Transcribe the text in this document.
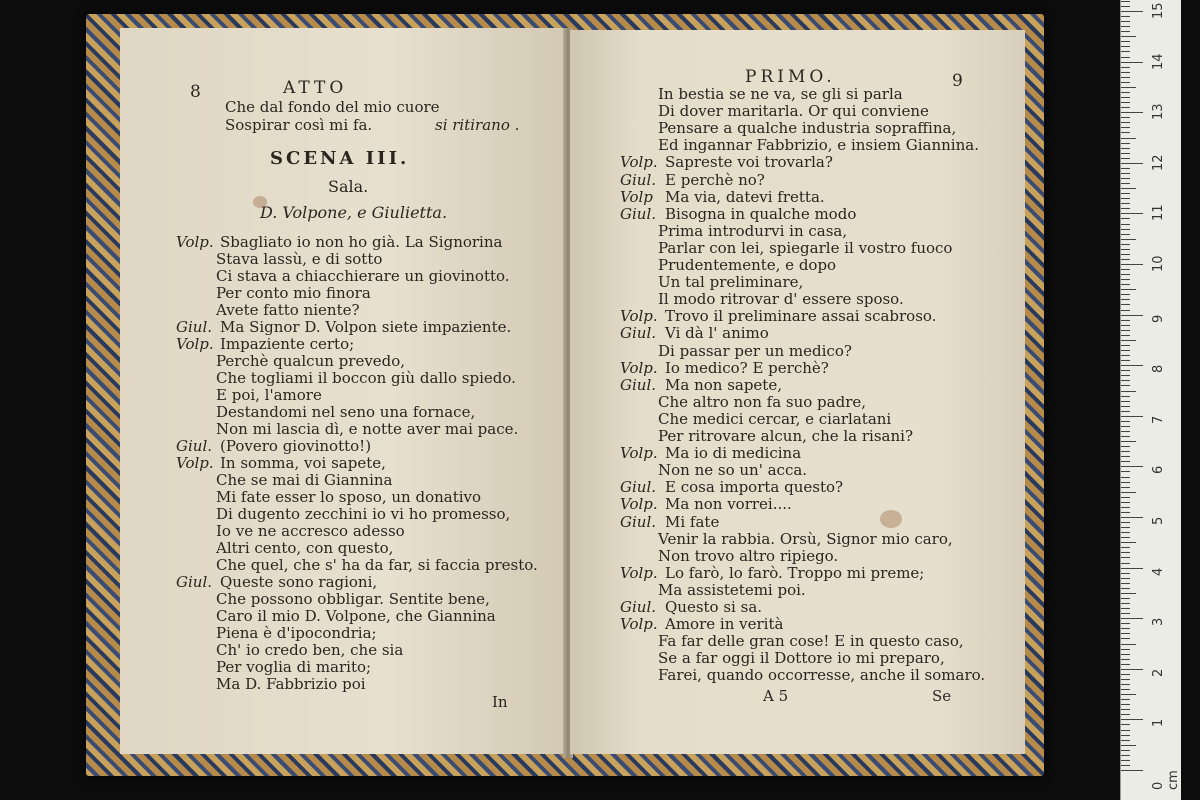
8	ATTO
Che dal fondo del mio cuore
Sospirar così mi fa.	si ritirano .
SCENA III.
Sala.
D. Volpone, e Giulietta.
Volp. Sbagliato io non ho già. La Signorina
Stava lassù, e di sotto
Ci stava a chiacchierare un giovinotto.
Per conto mio finora
Avete fatto niente?
Giul. Ma Signor D. Volpon siete impaziente.
Volp. Impaziente certo;
Perchè qualcun prevedo,
Che togliami il boccon giù dallo spiedo.
E poi, l'amore
Destandomi nel seno una fornace,
Non mi lascia dì, e notte aver mai pace.
Giul. (Povero giovinotto!)
Volp. In somma, voi sapete,
Che se mai di Giannina
Mi fate esser lo sposo, un donativo
Di dugento zecchini io vi ho promesso,
Io ve ne accresco adesso
Altri cento, con questo,
Che quel, che s' ha da far, si faccia presto.
Giul. Queste sono ragioni,
Che possono obbligar. Sentite bene,
Caro il mio D. Volpone, che Giannina
Piena è d'ipocondria;
Ch' io credo ben, che sia
Per voglia di marito;
Ma D. Fabbrizio poi
In
PRIMO.	9
In bestia se ne va, se gli si parla
Di dover maritarla. Or qui conviene
Pensare a qualche industria sopraffina,
Ed ingannar Fabbrizio, e insiem Giannina.
Volp. Sapreste voi trovarla?
Giul. E perchè no?
Volp Ma via, datevi fretta.
Giul. Bisogna in qualche modo
Prima introdurvi in casa,
Parlar con lei, spiegarle il vostro fuoco
Prudentemente, e dopo
Un tal preliminare,
Il modo ritrovar d' essere sposo.
Volp. Trovo il preliminare assai scabroso.
Giul. Vi dà l' animo
Di passar per un medico?
Volp. Io medico? E perchè?
Giul. Ma non sapete,
Che altro non fa suo padre,
Che medici cercar, e ciarlatani
Per ritrovare alcun, che la risani?
Volp. Ma io di medicina
Non ne so un' acca.
Giul. E cosa importa questo?
Volp. Ma non vorrei....
Giul. Mi fate
Venir la rabbia. Orsù, Signor mio caro,
Non trovo altro ripiego.
Volp. Lo farò, lo farò. Troppo mi preme;
Ma assistetemi poi.
Giul. Questo si sa.
Volp. Amore in verità
Fa far delle gran cose! E in questo caso,
Se a far oggi il Dottore io mi preparo,
Farei, quando occorresse, anche il somaro.
A 5	Se
1
2
3
4
5
6
7
8
9
10
11
12
13
14
15
0 cm
